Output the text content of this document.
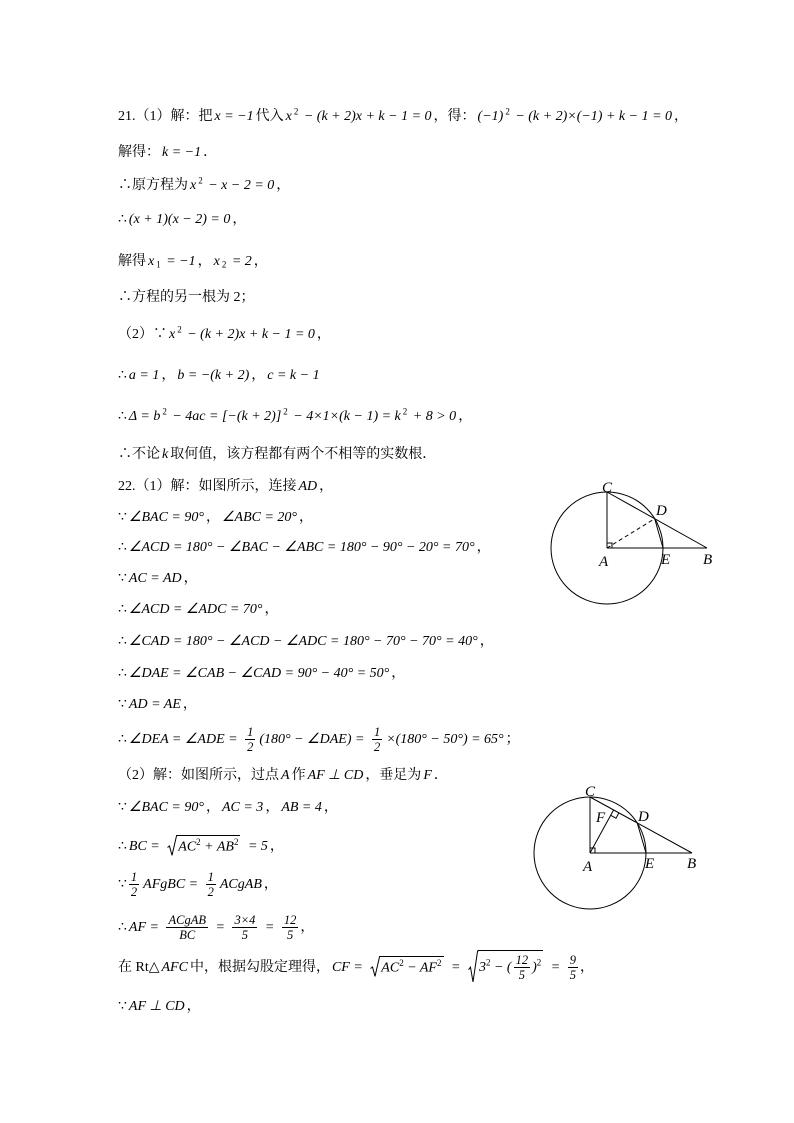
21.（1）解：把 x = −1 代入 x $^2$ − (k + 2)x + k − 1 = 0 ，得： (−1) $^2$ − (k + 2)×(−1) + k − 1 = 0 ，
解得： k = −1 ．
∴原方程为 x $^2$ − x − 2 = 0 ，
∴ (x + 1)(x − 2) = 0 ，
解得 x $_1$ = −1 ， x $_2$ = 2 ，
∴方程的另一根为 2；
（2）∵ x $^2$ − (k + 2)x + k − 1 = 0 ，
∴ a = 1 ， b = −(k + 2) ， c = k − 1
∴ Δ = b $^2$ − 4ac = [−(k + 2)] $^2$ − 4×1×(k − 1) = k $^2$ + 8 > 0 ，
∴不论 k 取何值，该方程都有两个不相等的实数根．
22.（1）解：如图所示，连接 AD ，
∵ ∠BAC = 90° ， ∠ABC = 20° ，
∴ ∠ACD = 180° − ∠BAC − ∠ABC = 180° − 90° − 20° = 70° ，
∵ AC = AD ，
∴ ∠ACD = ∠ADC = 70° ，
∴ ∠CAD = 180° − ∠ACD − ∠ADC = 180° − 70° − 70° = 40° ，
∴ ∠DAE = ∠CAB − ∠CAD = 90° − 40° = 50° ，
∵ AD = AE ，
∴ ∠DEA = ∠ADE = $\frac{1}{2} (180^\circ$ − ∠DAE) = $\frac{1}{2} \times(180^\circ - 50^\circ) = 65^\circ$ ；
（2）解：如图所示，过点 A 作 AF ⊥ CD ，垂足为 F ．
∵ ∠BAC = 90° ， AC = 3 ， AB = 4 ，
∴ BC =
$AC^2 + AB^2 = 5$ ，
∵ $\frac{1}{2}$ AFgBC = $\frac{1}{2}$ ACgAB ，
∴ AF = $\frac{\text{ACgAB}}{BC} = \frac{3\times 4}{5} = \frac{12}{5}$ ，
在 Rt△ AFC 中，根据勾股定理得， CF =
$AC^2 - AF^2$ =
$3^2$ − ( $\frac{12}{5} )^2 = \frac{9}{5}$ ，
∵ AF ⊥ CD ，
C
D
A	E B
C
F D
A	E B
